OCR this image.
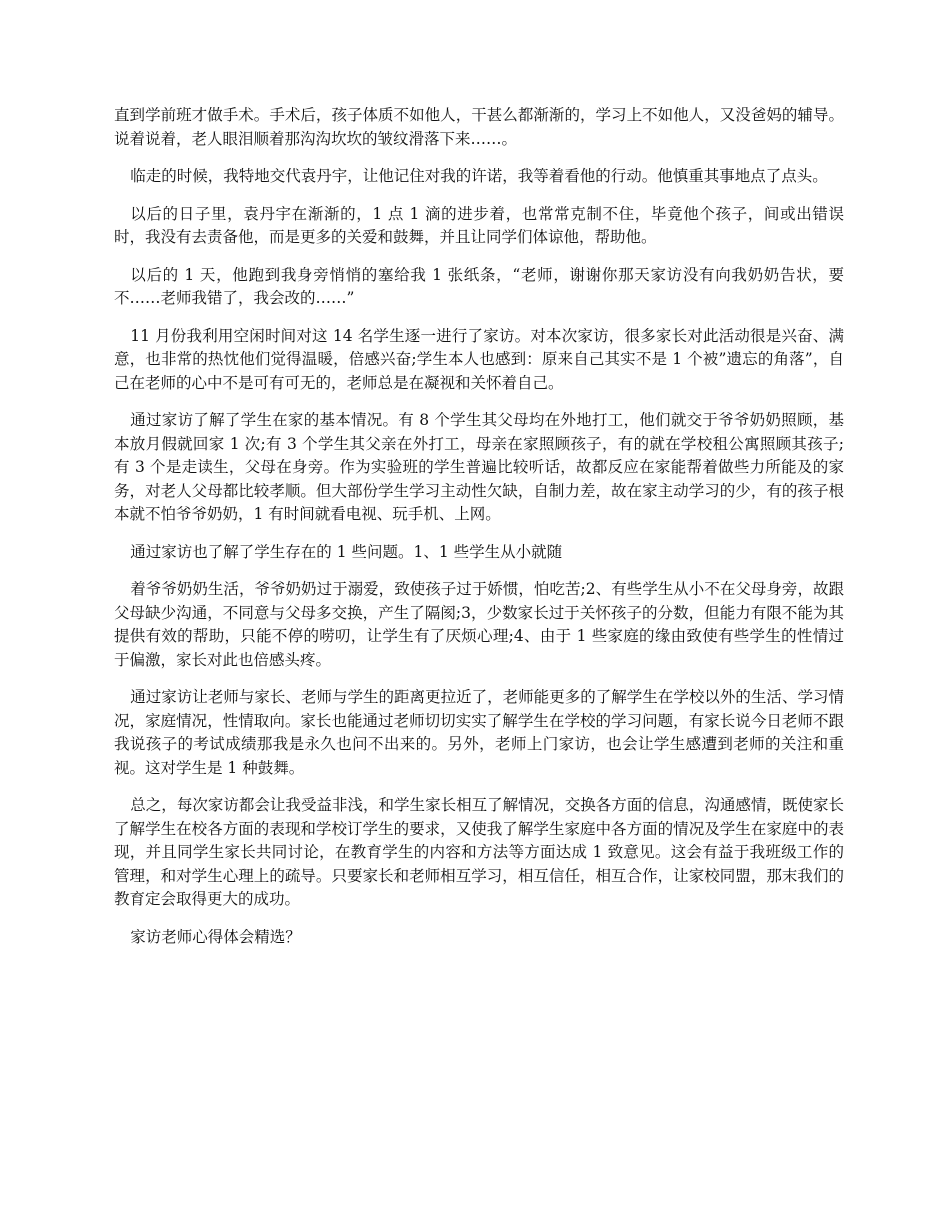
直到学前班才做手术。手术后，孩子体质不如他人，干甚么都渐渐的，学习上不如他人，又没爸妈的辅导。说着说着，老人眼泪顺着那沟沟坎坎的皱纹滑落下来……。

临走的时候，我特地交代袁丹宇，让他记住对我的许诺，我等着看他的行动。他慎重其事地点了点头。

以后的日子里，袁丹宇在渐渐的，1 点 1 滴的进步着，也常常克制不住，毕竟他个孩子，间或出错误时，我没有去责备他，而是更多的关爱和鼓舞，并且让同学们体谅他，帮助他。

以后的 1 天，他跑到我身旁悄悄的塞给我 1 张纸条，“老师，谢谢你那天家访没有向我奶奶告状，要不……老师我错了，我会改的……”

11 月份我利用空闲时间对这 14 名学生逐一进行了家访。对本次家访，很多家长对此活动很是兴奋、满意，也非常的热忱他们觉得温暖，倍感兴奋;学生本人也感到：原来自己其实不是 1 个被”遗忘的角落”，自己在老师的心中不是可有可无的，老师总是在凝视和关怀着自己。

通过家访了解了学生在家的基本情况。有 8 个学生其父母均在外地打工，他们就交于爷爷奶奶照顾，基本放月假就回家 1 次;有 3 个学生其父亲在外打工，母亲在家照顾孩子，有的就在学校租公寓照顾其孩子;有 3 个是走读生，父母在身旁。作为实验班的学生普遍比较听话，故都反应在家能帮着做些力所能及的家务，对老人父母都比较孝顺。但大部份学生学习主动性欠缺，自制力差，故在家主动学习的少，有的孩子根本就不怕爷爷奶奶，1 有时间就看电视、玩手机、上网。

通过家访也了解了学生存在的 1 些问题。1、1 些学生从小就随

着爷爷奶奶生活，爷爷奶奶过于溺爱，致使孩子过于娇惯，怕吃苦;2、有些学生从小不在父母身旁，故跟父母缺少沟通，不同意与父母多交换，产生了隔阂;3，少数家长过于关怀孩子的分数，但能力有限不能为其提供有效的帮助，只能不停的唠叨，让学生有了厌烦心理;4、由于 1 些家庭的缘由致使有些学生的性情过于偏激，家长对此也倍感头疼。

通过家访让老师与家长、老师与学生的距离更拉近了，老师能更多的了解学生在学校以外的生活、学习情况，家庭情况，性情取向。家长也能通过老师切切实实了解学生在学校的学习问题，有家长说今日老师不跟我说孩子的考试成绩那我是永久也问不出来的。另外，老师上门家访，也会让学生感遭到老师的关注和重视。这对学生是 1 种鼓舞。

总之，每次家访都会让我受益非浅，和学生家长相互了解情况，交换各方面的信息，沟通感情，既使家长了解学生在校各方面的表现和学校订学生的要求，又使我了解学生家庭中各方面的情况及学生在家庭中的表现，并且同学生家长共同讨论，在教育学生的内容和方法等方面达成 1 致意见。这会有益于我班级工作的管理，和对学生心理上的疏导。只要家长和老师相互学习，相互信任，相互合作，让家校同盟，那末我们的教育定会取得更大的成功。

家访老师心得体会精选？
